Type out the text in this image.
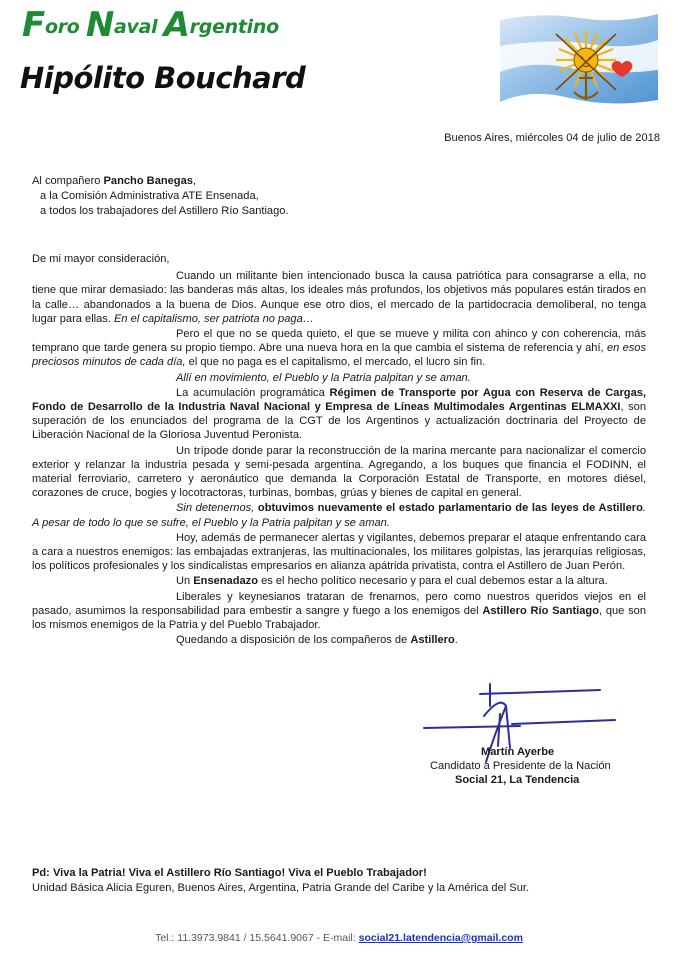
Foro Naval Argentino
Hipólito Bouchard
Buenos Aires, miércoles 04 de julio de 2018
Al compañero Pancho Banegas,
a la Comisión Administrativa ATE Ensenada,
a todos los trabajadores del Astillero Río Santiago.

De mi mayor consideración,

Cuando un militante bien intencionado busca la causa patriótica para consagrarse a ella, no tiene que mirar demasiado: las banderas más altas, los ideales más profundos, los objetivos más populares están tirados en la calle… abandonados a la buena de Dios. Aunque ese otro dios, el mercado de la partidocracia demoliberal, no tenga lugar para ellas. En el capitalismo, ser patriota no paga…

Pero el que no se queda quieto, el que se mueve y milita con ahinco y con coherencia, más temprano que tarde genera su propio tiempo. Abre una nueva hora en la que cambia el sistema de referencia y ahí, en esos preciosos minutos de cada día, el que no paga es el capitalismo, el mercado, el lucro sin fin.

Allí en movimiento, el Pueblo y la Patria palpitan y se aman.

La acumulación programática Régimen de Transporte por Agua con Reserva de Cargas, Fondo de Desarrollo de la Industria Naval Nacional y Empresa de Líneas Multimodales Argentinas ELMAXXI, son superación de los enunciados del programa de la CGT de los Argentinos y actualización doctrinaria del Proyecto de Liberación Nacional de la Gloriosa Juventud Peronista.

Un trípode donde parar la reconstrucción de la marina mercante para nacionalizar el comercio exterior y relanzar la industria pesada y semi-pesada argentina. Agregando, a los buques que financia el FODINN, el material ferroviario, carretero y aeronáutico que demanda la Corporación Estatal de Transporte, en motores diésel, corazones de cruce, bogies y locotractoras, turbinas, bombas, grúas y bienes de capital en general.

Sin detenernos, obtuvimos nuevamente el estado parlamentario de las leyes de Astillero. A pesar de todo lo que se sufre, el Pueblo y la Patria palpitan y se aman.

Hoy, además de permanecer alertas y vigilantes, debemos preparar el ataque enfrentando cara a cara a nuestros enemigos: las embajadas extranjeras, las multinacionales, los militares golpistas, las jerarquías religiosas, los políticos profesionales y los sindicalistas empresarios en alianza apátrida privatista, contra el Astillero de Juan Perón.

Un Ensenadazo es el hecho político necesario y para el cual debemos estar a la altura.

Liberales y keynesianos trataran de frenarnos, pero como nuestros queridos viejos en el pasado, asumimos la responsabilidad para embestir a sangre y fuego a los enemigos del Astillero Río Santiago, que son los mismos enemigos de la Patria y del Pueblo Trabajador.

Quedando a disposición de los compañeros de Astillero.

Martín Ayerbe
Candidato a Presidente de la Nación
Social 21, La Tendencia
Pd: Viva la Patria! Viva el Astillero Río Santiago! Viva el Pueblo Trabajador!
Unidad Básica Alicia Eguren, Buenos Aires, Argentina, Patria Grande del Caribe y la América del Sur.
Tel.: 11.3973.9841 / 15.5641.9067 - E-mail: social21.latendencia@gmail.com
